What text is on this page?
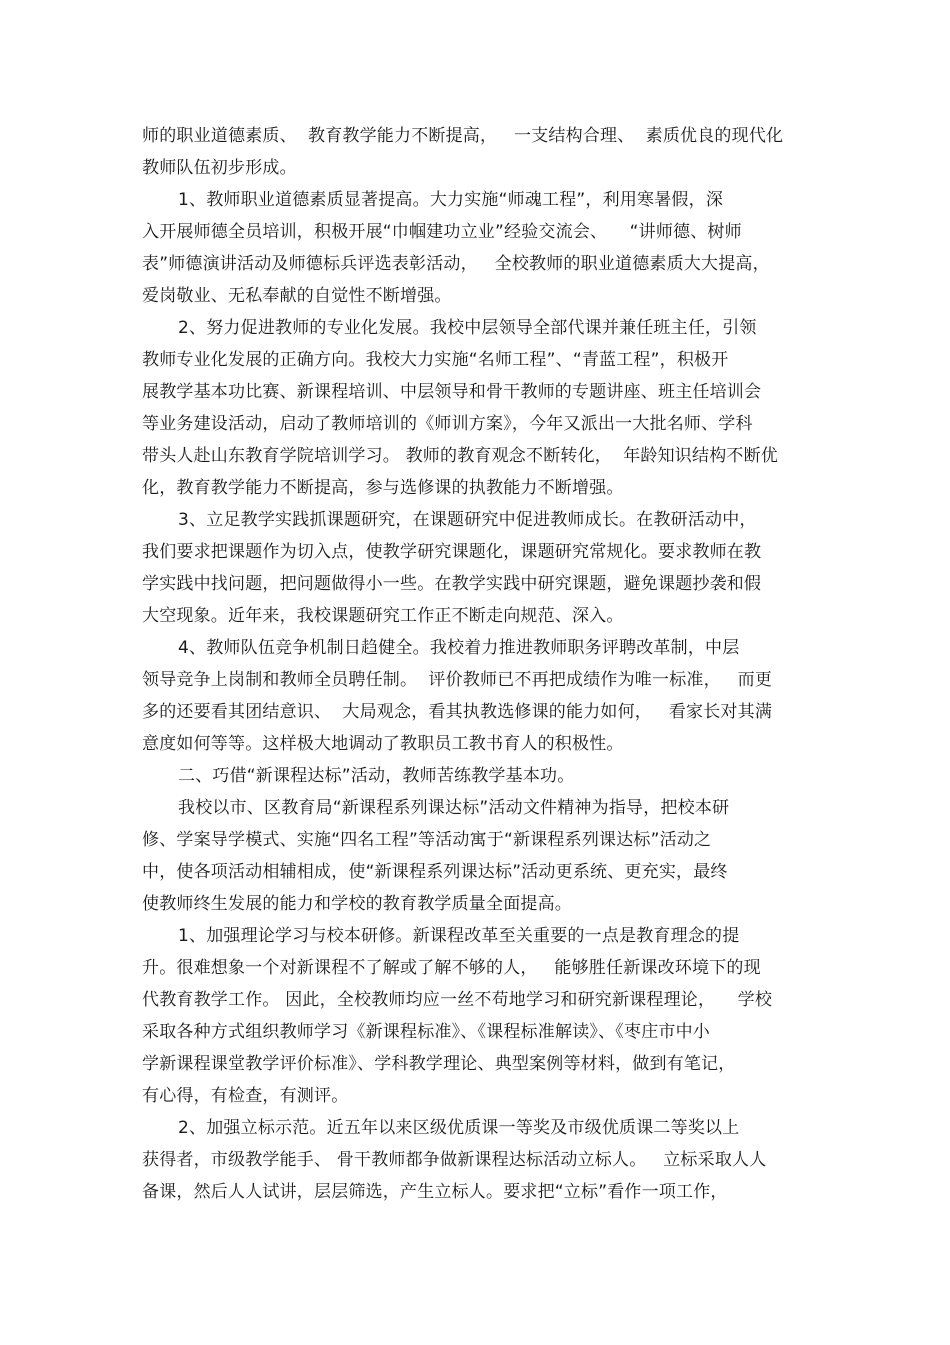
师的职业道德素质、  教育教学能力不断提高，   一支结构合理、  素质优良的现代化
教师队伍初步形成。
1、教师职业道德素质显著提高。大力实施“师魂工程”，利用寒暑假，深
入开展师德全员培训，积极开展“巾帼建功立业”经验交流会、    “讲师德、树师
表”师德演讲活动及师德标兵评选表彰活动，   全校教师的职业道德素质大大提高，
爱岗敬业、无私奉献的自觉性不断增强。
2、努力促进教师的专业化发展。我校中层领导全部代课并兼任班主任，引领
教师专业化发展的正确方向。我校大力实施“名师工程”、“青蓝工程”，积极开
展教学基本功比赛、新课程培训、中层领导和骨干教师的专题讲座、班主任培训会
等业务建设活动，启动了教师培训的《师训方案》，今年又派出一大批名师、学科
带头人赴山东教育学院培训学习。 教师的教育观念不断转化，  年龄知识结构不断优
化，教育教学能力不断提高，参与选修课的执教能力不断增强。
3、立足教学实践抓课题研究，在课题研究中促进教师成长。在教研活动中，
我们要求把课题作为切入点，使教学研究课题化，课题研究常规化。要求教师在教
学实践中找问题，把问题做得小一些。在教学实践中研究课题，避免课题抄袭和假
大空现象。近年来，我校课题研究工作正不断走向规范、深入。
4、教师队伍竞争机制日趋健全。我校着力推进教师职务评聘改革制，中层
领导竞争上岗制和教师全员聘任制。  评价教师已不再把成绩作为唯一标准，   而更
多的还要看其团结意识、  大局观念，看其执教选修课的能力如何，   看家长对其满
意度如何等等。这样极大地调动了教职员工教书育人的积极性。
二、巧借“新课程达标”活动，教师苦练教学基本功。
我校以市、区教育局“新课程系列课达标”活动文件精神为指导，把校本研
修、学案导学模式、实施“四名工程”等活动寓于“新课程系列课达标”活动之
中，使各项活动相辅相成，使“新课程系列课达标”活动更系统、更充实，最终
使教师终生发展的能力和学校的教育教学质量全面提高。
1、加强理论学习与校本研修。新课程改革至关重要的一点是教育理念的提
升。很难想象一个对新课程不了解或了解不够的人，   能够胜任新课改环境下的现
代教育教学工作。 因此，全校教师均应一丝不苟地学习和研究新课程理论，    学校
采取各种方式组织教师学习《新课程标准》、《课程标准解读》、《枣庄市中小
学新课程课堂教学评价标准》、学科教学理论、典型案例等材料，做到有笔记，
有心得，有检查，有测评。
2、加强立标示范。近五年以来区级优质课一等奖及市级优质课二等奖以上
获得者，市级教学能手、 骨干教师都争做新课程达标活动立标人。   立标采取人人
备课，然后人人试讲，层层筛选，产生立标人。要求把“立标”看作一项工作，
